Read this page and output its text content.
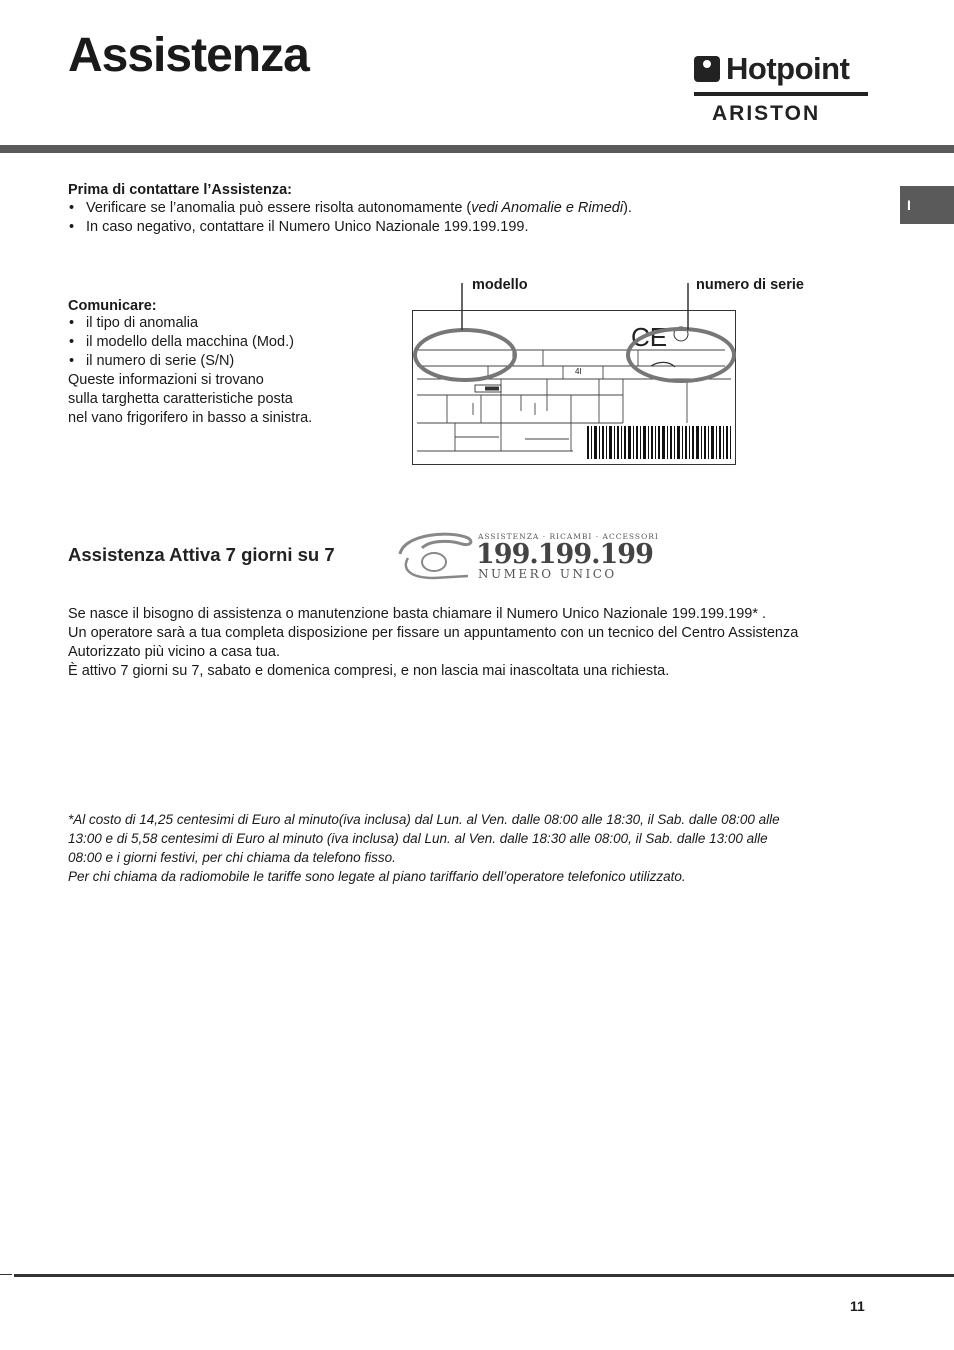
Assistenza	Hotpoint
ARISTON
I
Prima di contattare l’Assistenza:
• Verificare se l’anomalia può essere risolta autonomamente (vedi Anomalie e Rimedi).
• In caso negativo, contattare il Numero Unico Nazionale 199.199.199.
Comunicare:
• il tipo di anomalia
• il modello della macchina (Mod.)
• il numero di serie (S/N)
Queste informazioni si trovano
sulla targhetta caratteristiche posta
nel vano frigorifero in basso a sinistra.
modello	numero di serie
4I
CE
Assistenza Attiva 7 giorni su 7
ASSISTENZA · RICAMBI · ACCESSORI
199.199.199
NUMERO UNICO
Se nasce il bisogno di assistenza o manutenzione basta chiamare il Numero Unico Nazionale 199.199.199* .
Un operatore sarà a tua completa disposizione per fissare un appuntamento con un tecnico del Centro Assistenza
Autorizzato più vicino a casa tua.
È attivo 7 giorni su 7, sabato e domenica compresi, e non lascia mai inascoltata una richiesta.
*Al costo di 14,25 centesimi di Euro al minuto(iva inclusa) dal Lun. al Ven. dalle 08:00 alle 18:30, il Sab. dalle 08:00 alle
13:00 e di 5,58 centesimi di Euro al minuto (iva inclusa) dal Lun. al Ven. dalle 18:30 alle 08:00, il Sab. dalle 13:00 alle
08:00 e i giorni festivi, per chi chiama da telefono fisso.
Per chi chiama da radiomobile le tariffe sono legate al piano tariffario dell’operatore telefonico utilizzato.
11
